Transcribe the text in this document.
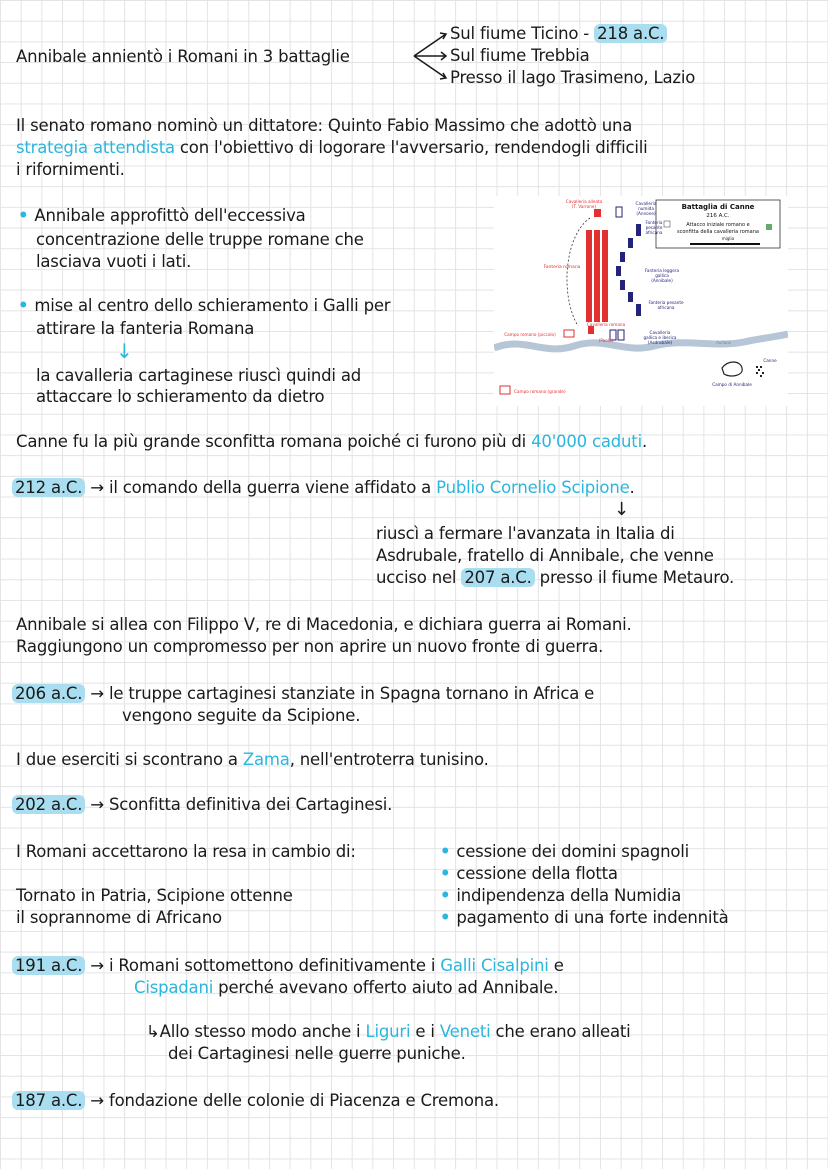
Annibale annientò i Romani in 3 battaglie
Sul fiume Ticino - 218 a.C.
Sul fiume Trebbia
Presso il lago Trasimeno, Lazio
Il senato romano nominò un dittatore: Quinto Fabio Massimo che adottò una
strategia attendista con l'obiettivo di logorare l'avversario, rendendogli difficili
i rifornimenti.
• Annibale approfittò dell'eccessiva
concentrazione delle truppe romane che
lasciava vuoti i lati.
• mise al centro dello schieramento i Galli per
attirare la fanteria Romana
↓
la cavalleria cartaginese riuscì quindi ad
attaccare lo schieramento da dietro
Battaglia di Canne
216 A.C.
Attacco iniziale romano e
sconfitta della cavalleria romana
miglia
Cavalleria alleata
(T. Varrone)
Cavalleria
numida
(Annone)
Fanteria
pesante
africana
Fanteria romana
Fanteria leggera
gallica
(Annibale)
Fanteria pesante
africana
Campo romano (piccolo)
Cavalleria romana
(Paolo)
Cavalleria
gallica e iberica
(Asdrubale)	Aufidus
Campo di Annibale
Canne
Campo romano (grande)
Canne fu la più grande sconfitta romana poiché ci furono più di 40'000 caduti.
212 a.C. → il comando della guerra viene affidato a Publio Cornelio Scipione.
↓
riuscì a fermare l'avanzata in Italia di
Asdrubale, fratello di Annibale, che venne
ucciso nel 207 a.C. presso il fiume Metauro.
Annibale si allea con Filippo V, re di Macedonia, e dichiara guerra ai Romani.
Raggiungono un compromesso per non aprire un nuovo fronte di guerra.
206 a.C. → le truppe cartaginesi stanziate in Spagna tornano in Africa e
vengono seguite da Scipione.
I due eserciti si scontrano a Zama, nell'entroterra tunisino.
202 a.C. → Sconfitta definitiva dei Cartaginesi.
I Romani accettarono la resa in cambio di:	• cessione dei domini spagnoli
• cessione della flotta
• indipendenza della Numidia
• pagamento di una forte indennità
Tornato in Patria, Scipione ottenne
il soprannome di Africano
191 a.C. → i Romani sottomettono definitivamente i Galli Cisalpini e
Cispadani perché avevano offerto aiuto ad Annibale.
↳Allo stesso modo anche i Liguri e i Veneti che erano alleati
dei Cartaginesi nelle guerre puniche.
187 a.C. → fondazione delle colonie di Piacenza e Cremona.
